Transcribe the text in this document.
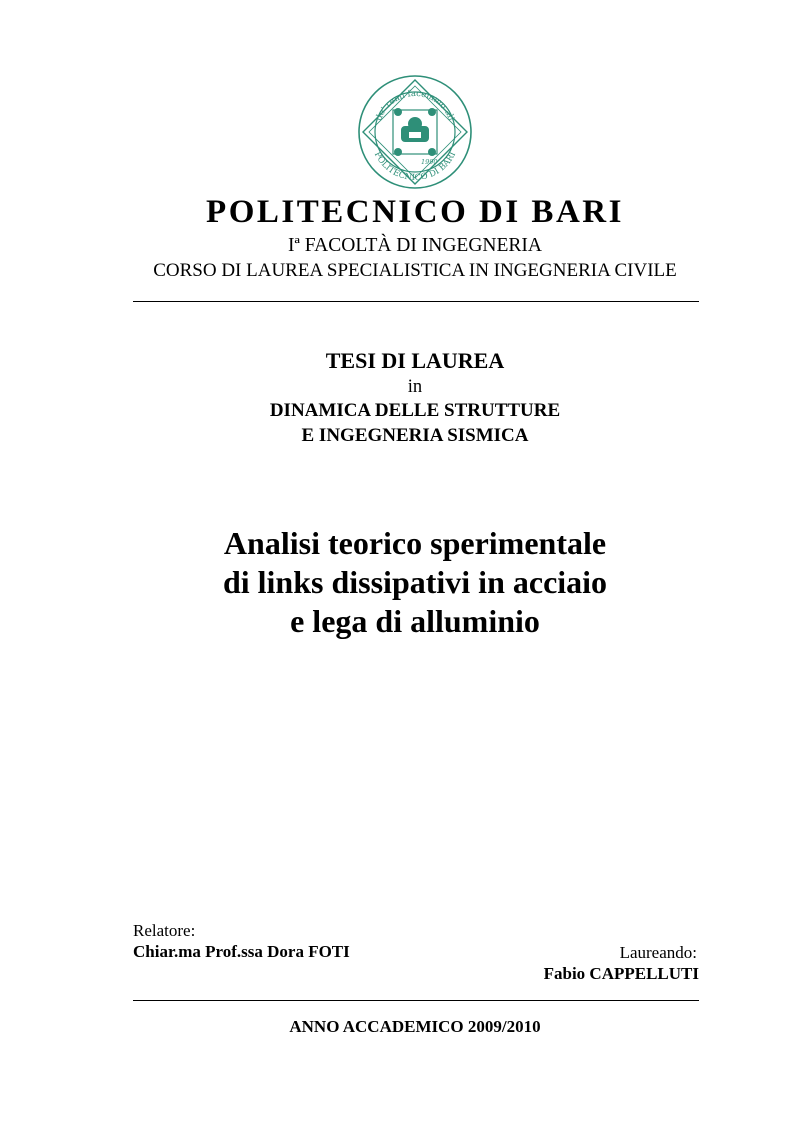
de' remi facemmo ali
1990
POLITECNICO DI BARI
POLITECNICO DI BARI
Iª FACOLTÀ DI INGEGNERIA
CORSO DI LAUREA SPECIALISTICA IN INGEGNERIA CIVILE
TESI DI LAUREA
in
DINAMICA DELLE STRUTTURE
E INGEGNERIA SISMICA
Analisi teorico sperimentale
di links dissipativi in acciaio
e lega di alluminio
Relatore:
Chiar.ma Prof.ssa Dora FOTI	Laureando:
Fabio CAPPELLUTI
ANNO ACCADEMICO 2009/2010
